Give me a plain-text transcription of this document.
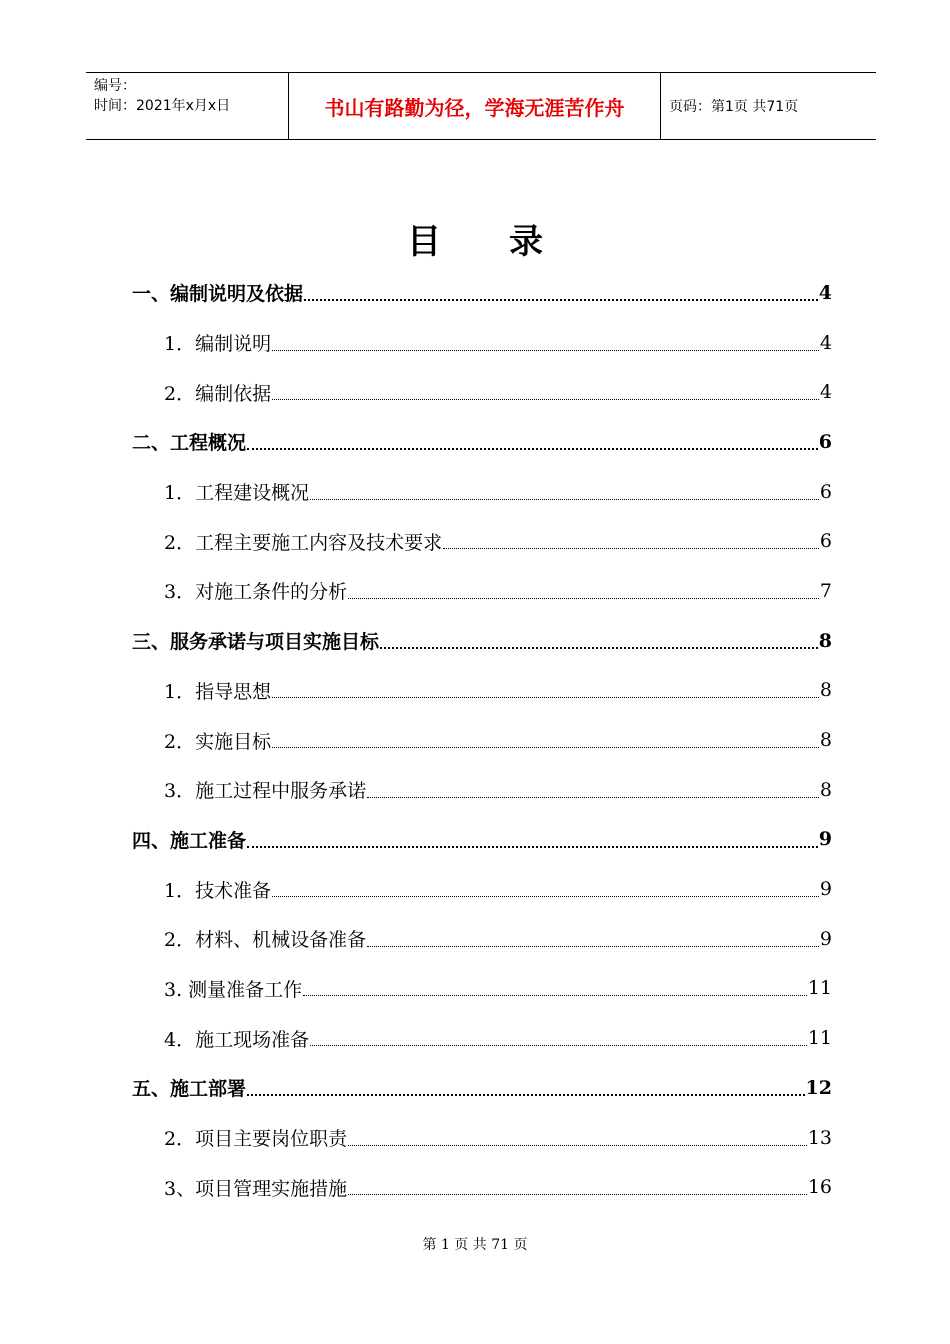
编号：
时间：2021年x月x日	书山有路勤为径，学海无涯苦作舟	页码：第1页 共71页
目　　录
一、编制说明及依据	4
1．编制说明	4
2．编制依据	4
二、工程概况	6
1．工程建设概况	6
2．工程主要施工内容及技术要求	6
3．对施工条件的分析	7
三、服务承诺与项目实施目标	8
1．指导思想	8
2．实施目标	8
3．施工过程中服务承诺	8
四、施工准备	9
1．技术准备	9
2．材料、机械设备准备	9
3. 测量准备工作	11
4．施工现场准备	11
五、施工部署	12
2．项目主要岗位职责	13
3、项目管理实施措施	16
第 1 页 共 71 页
